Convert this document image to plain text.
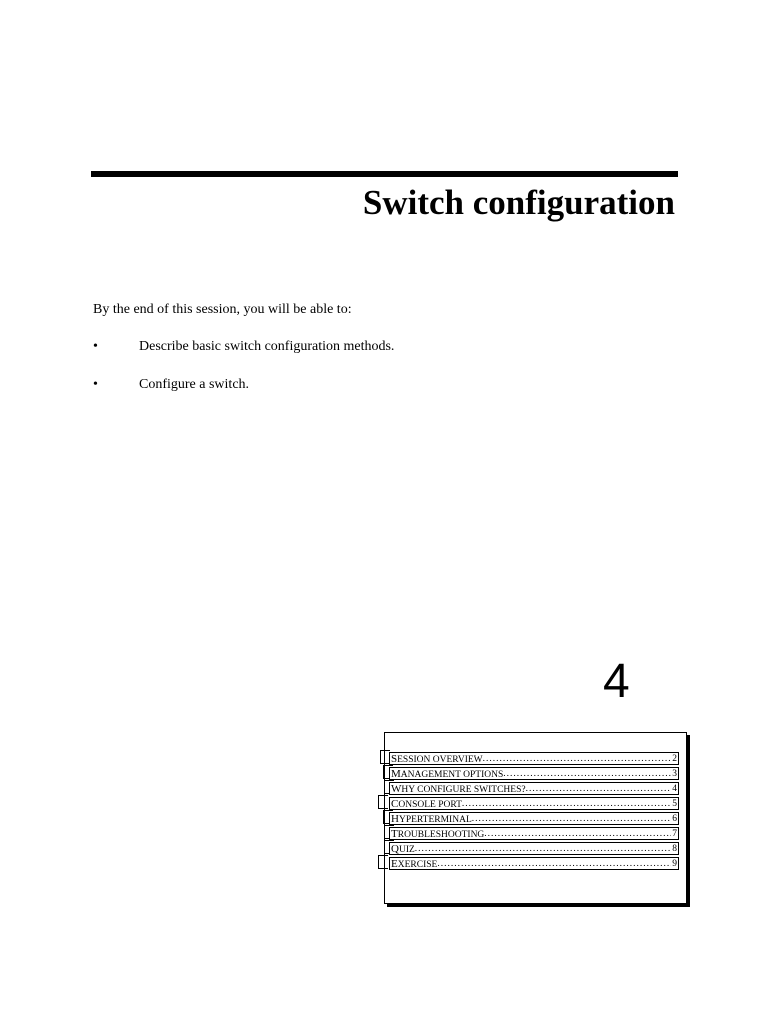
Switch configuration

By the end of this session, you will be able to:

•	Describe basic switch configuration methods.
•	Configure a switch.
4
SESSION OVERVIEW .....	2
MANAGEMENT OPTIONS .....	3
WHY CONFIGURE SWITCHES? .....	4
CONSOLE PORT .....	5
HYPERTERMINAL .....	6
TROUBLESHOOTING .....	7
QUIZ .....	8
EXERCISE .....	9
